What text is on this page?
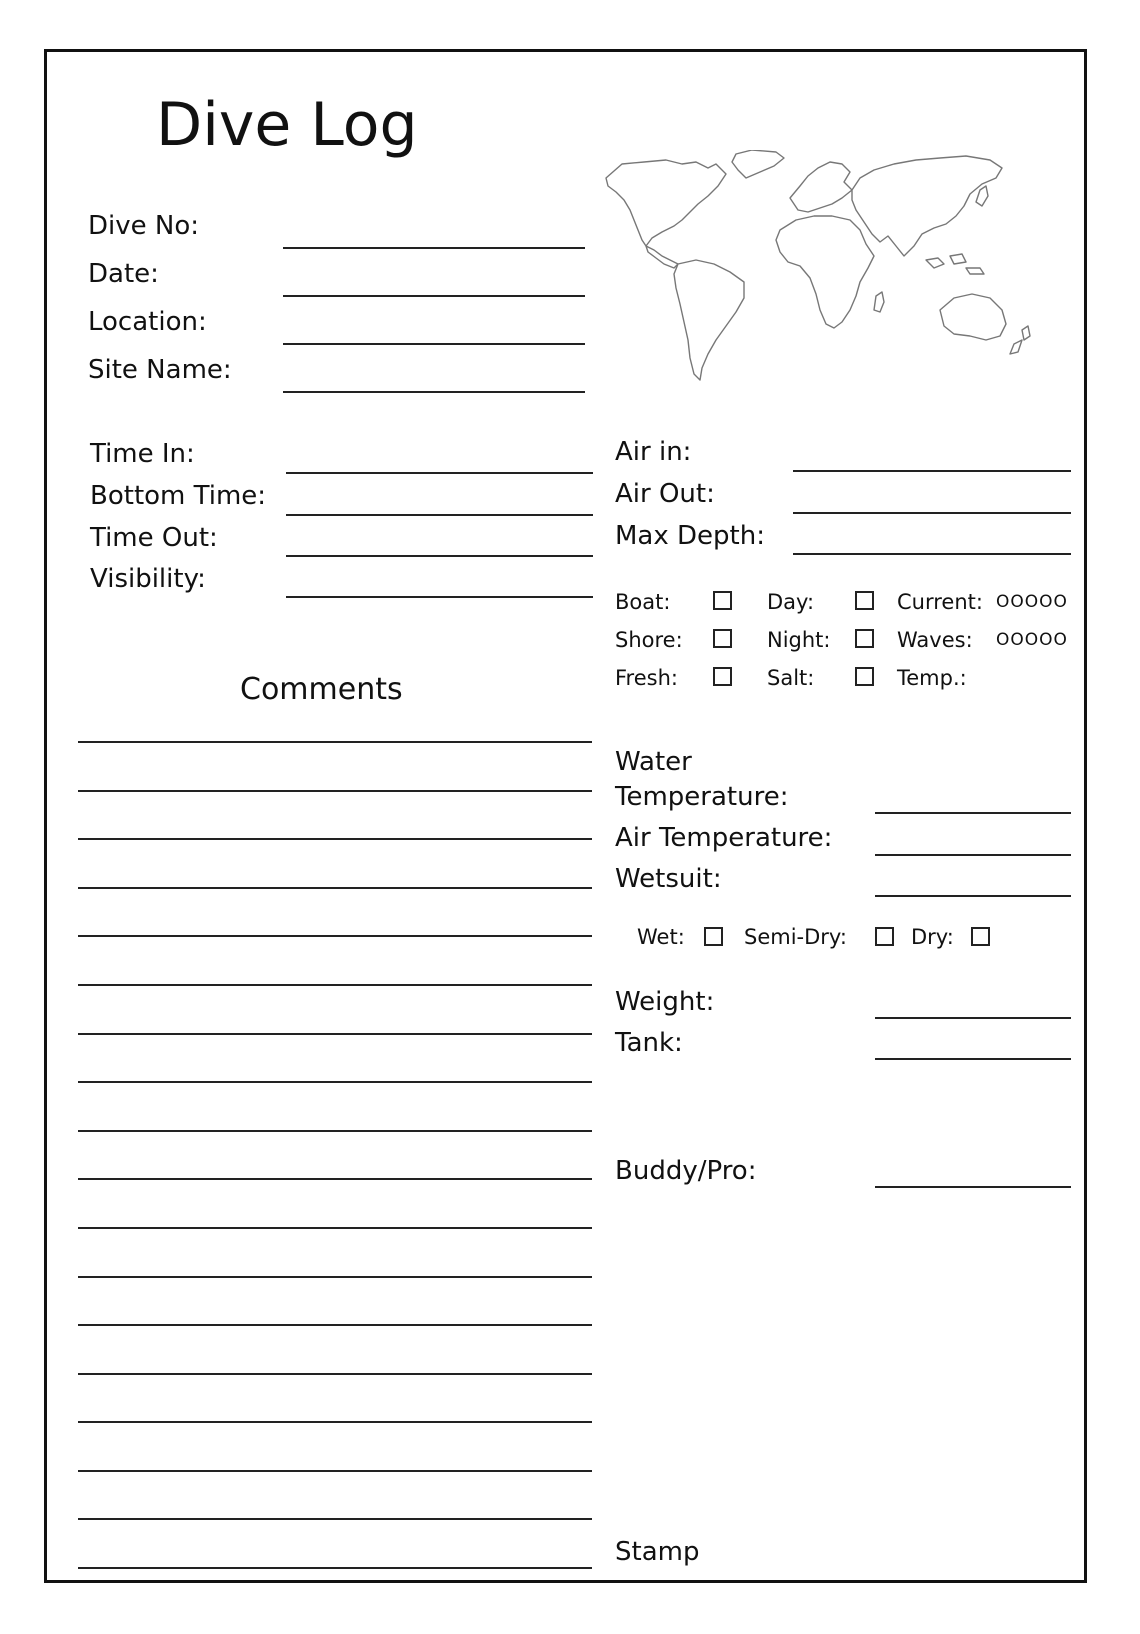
Dive Log
Dive No:
Date:
Location:
Site Name:
Time In:
Bottom Time:
Time Out:
Visibility:
Air in:
Air Out:
Max Depth:
Boat:	Day:	Current: OOOOO
Shore:	Night:	Waves: OOOOO
Fresh:	Salt:	Temp.:
Comments
Water
Temperature:
Air Temperature:
Wetsuit:
Wet:	Semi-Dry:	Dry:
Weight:
Tank:
Buddy/Pro:
Stamp
